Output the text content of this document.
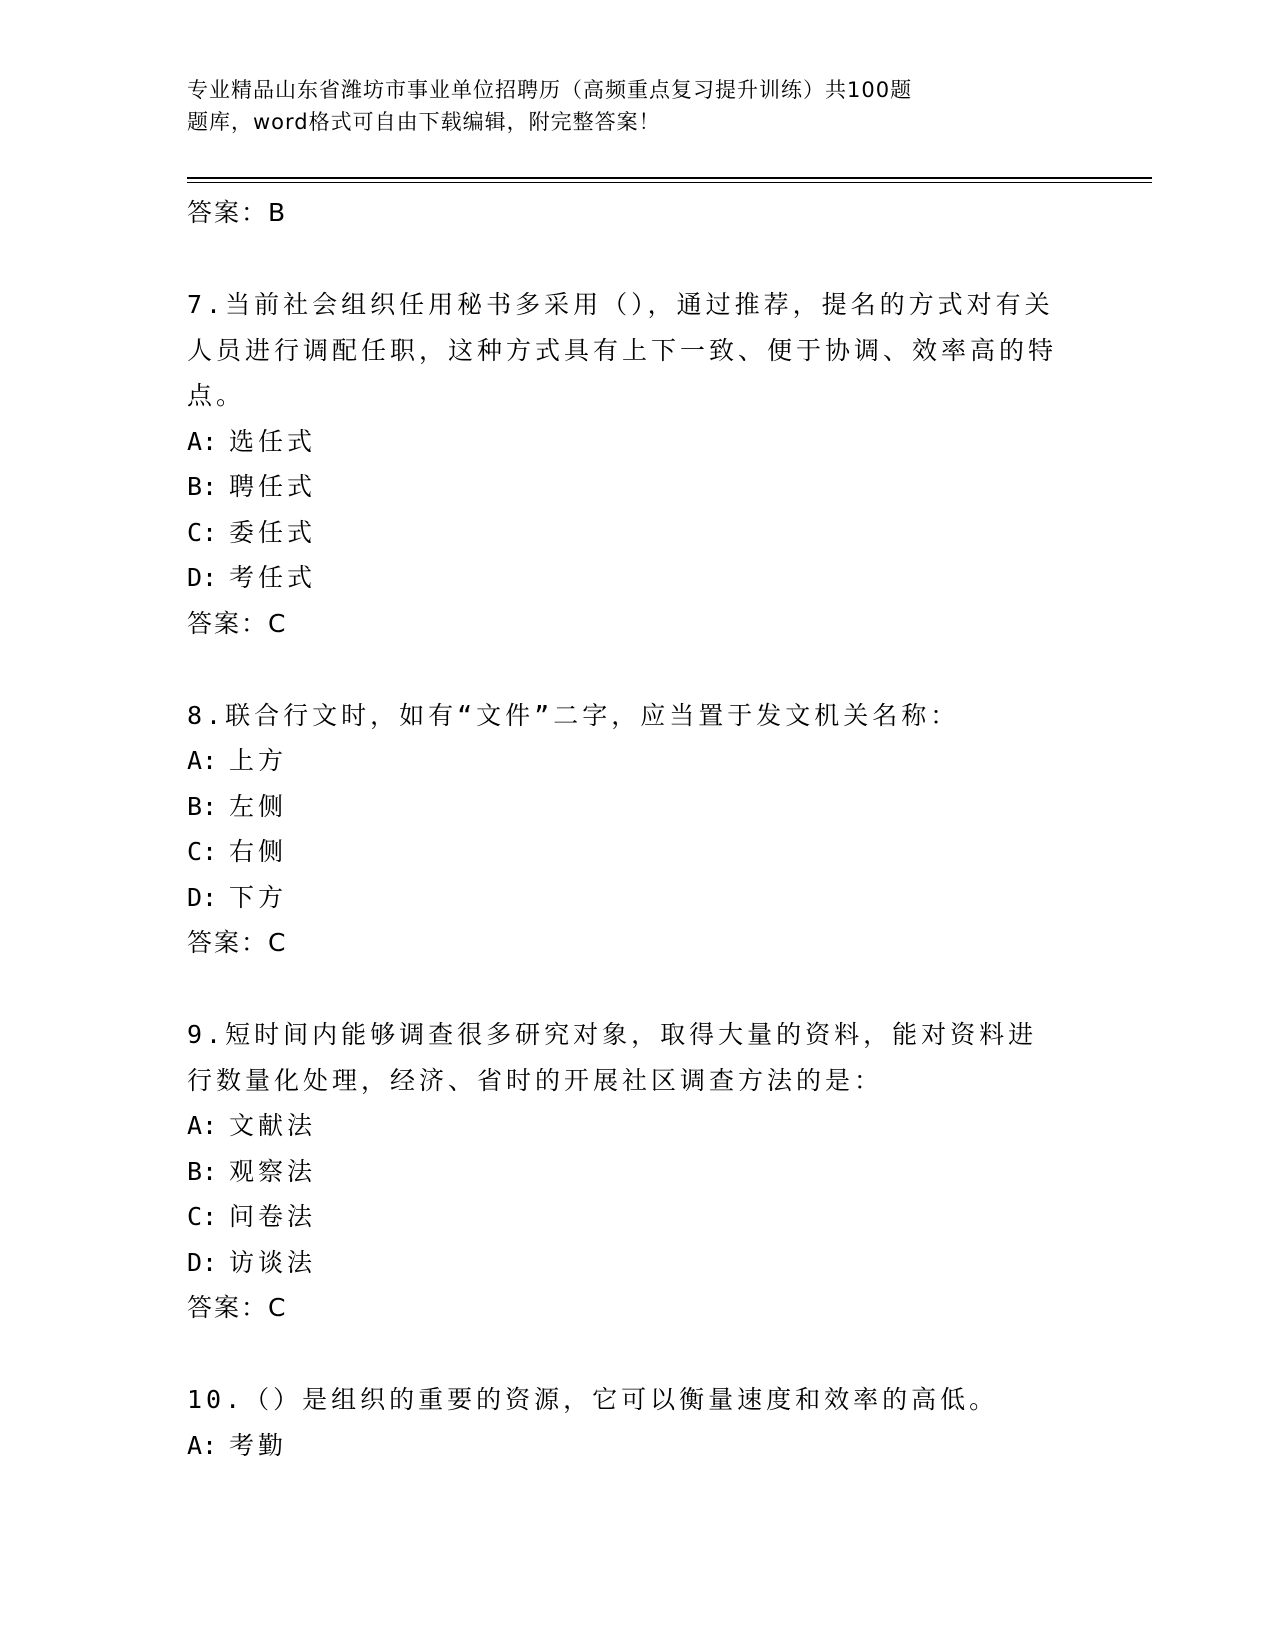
专业精品山东省潍坊市事业单位招聘历（高频重点复习提升训练）共100题
题库，word格式可自由下载编辑，附完整答案！
答案：B
7.当前社会组织任用秘书多采用（），通过推荐，提名的方式对有关人员进行调配任职，这种方式具有上下一致、便于协调、效率高的特点。
A: 选任式
B: 聘任式
C: 委任式
D: 考任式
答案：C
8.联合行文时，如有“文件”二字，应当置于发文机关名称：
A: 上方
B: 左侧
C: 右侧
D: 下方
答案：C
9.短时间内能够调查很多研究对象，取得大量的资料，能对资料进行数量化处理，经济、省时的开展社区调查方法的是：
A: 文献法
B: 观察法
C: 问卷法
D: 访谈法
答案：C
10.（）是组织的重要的资源，它可以衡量速度和效率的高低。
A: 考勤
